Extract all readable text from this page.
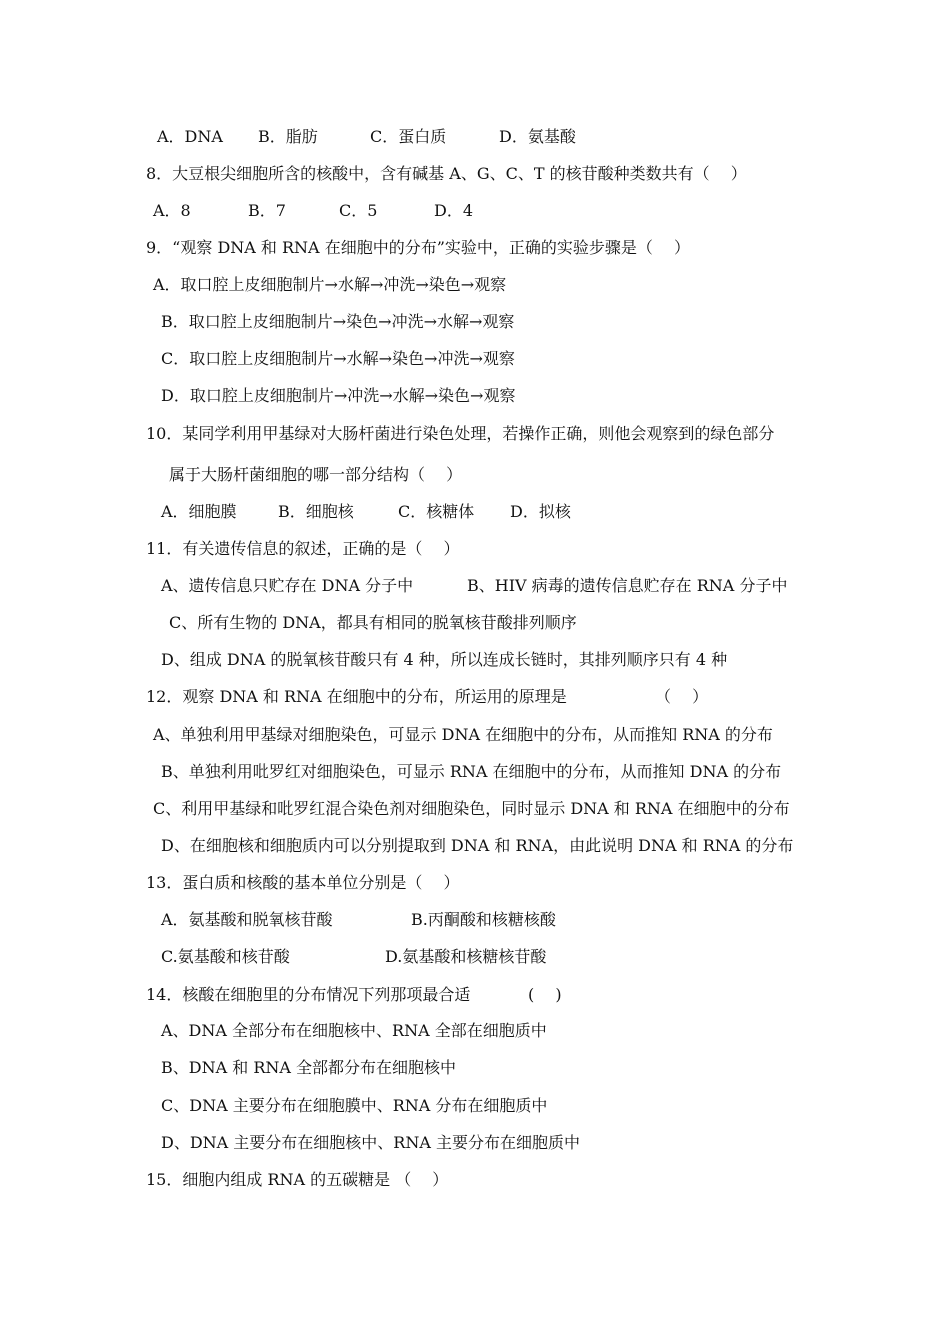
A．DNA B．脂肪	C．蛋白质	D．氨基酸

8．大豆根尖细胞所含的核酸中，含有碱基 A、G、C、T 的核苷酸种类数共有（　 ）

A．8	B．7	C．5	D．4

9．“观察 DNA 和 RNA 在细胞中的分布”实验中，正确的实验步骤是（　 ）

A．取口腔上皮细胞制片→水解→冲洗→染色→观察

B．取口腔上皮细胞制片→染色→冲洗→水解→观察

C．取口腔上皮细胞制片→水解→染色→冲洗→观察

D．取口腔上皮细胞制片→冲洗→水解→染色→观察

10．某同学利用甲基绿对大肠杆菌进行染色处理，若操作正确，则他会观察到的绿色部分

属于大肠杆菌细胞的哪一部分结构（　 ）

A．细胞膜	B．细胞核	C．核糖体 D．拟核

11．有关遗传信息的叙述，正确的是（　 ）

A、遗传信息只贮存在 DNA 分子中	B、HIV 病毒的遗传信息贮存在 RNA 分子中

C、所有生物的 DNA，都具有相同的脱氧核苷酸排列顺序

D、组成 DNA 的脱氧核苷酸只有 4 种，所以连成长链时，其排列顺序只有 4 种

12．观察 DNA 和 RNA 在细胞中的分布，所运用的原理是	（　 ）

A、单独利用甲基绿对细胞染色，可显示 DNA 在细胞中的分布，从而推知 RNA 的分布

B、单独利用吡罗红对细胞染色，可显示 RNA 在细胞中的分布，从而推知 DNA 的分布

C、利用甲基绿和吡罗红混合染色剂对细胞染色，同时显示 DNA 和 RNA 在细胞中的分布

D、在细胞核和细胞质内可以分别提取到 DNA 和 RNA，由此说明 DNA 和 RNA 的分布

13．蛋白质和核酸的基本单位分别是（　 ）

A．氨基酸和脱氧核苷酸	B.丙酮酸和核糖核酸
C.氨基酸和核苷酸	D.氨基酸和核糖核苷酸

14．核酸在细胞里的分布情况下列那项最合适	(　 )

A、DNA 全部分布在细胞核中、RNA 全部在细胞质中

B、DNA 和 RNA 全部都分布在细胞核中

C、DNA 主要分布在细胞膜中、RNA 分布在细胞质中

D、DNA 主要分布在细胞核中、RNA 主要分布在细胞质中

15．细胞内组成 RNA 的五碳糖是 （　 ）
